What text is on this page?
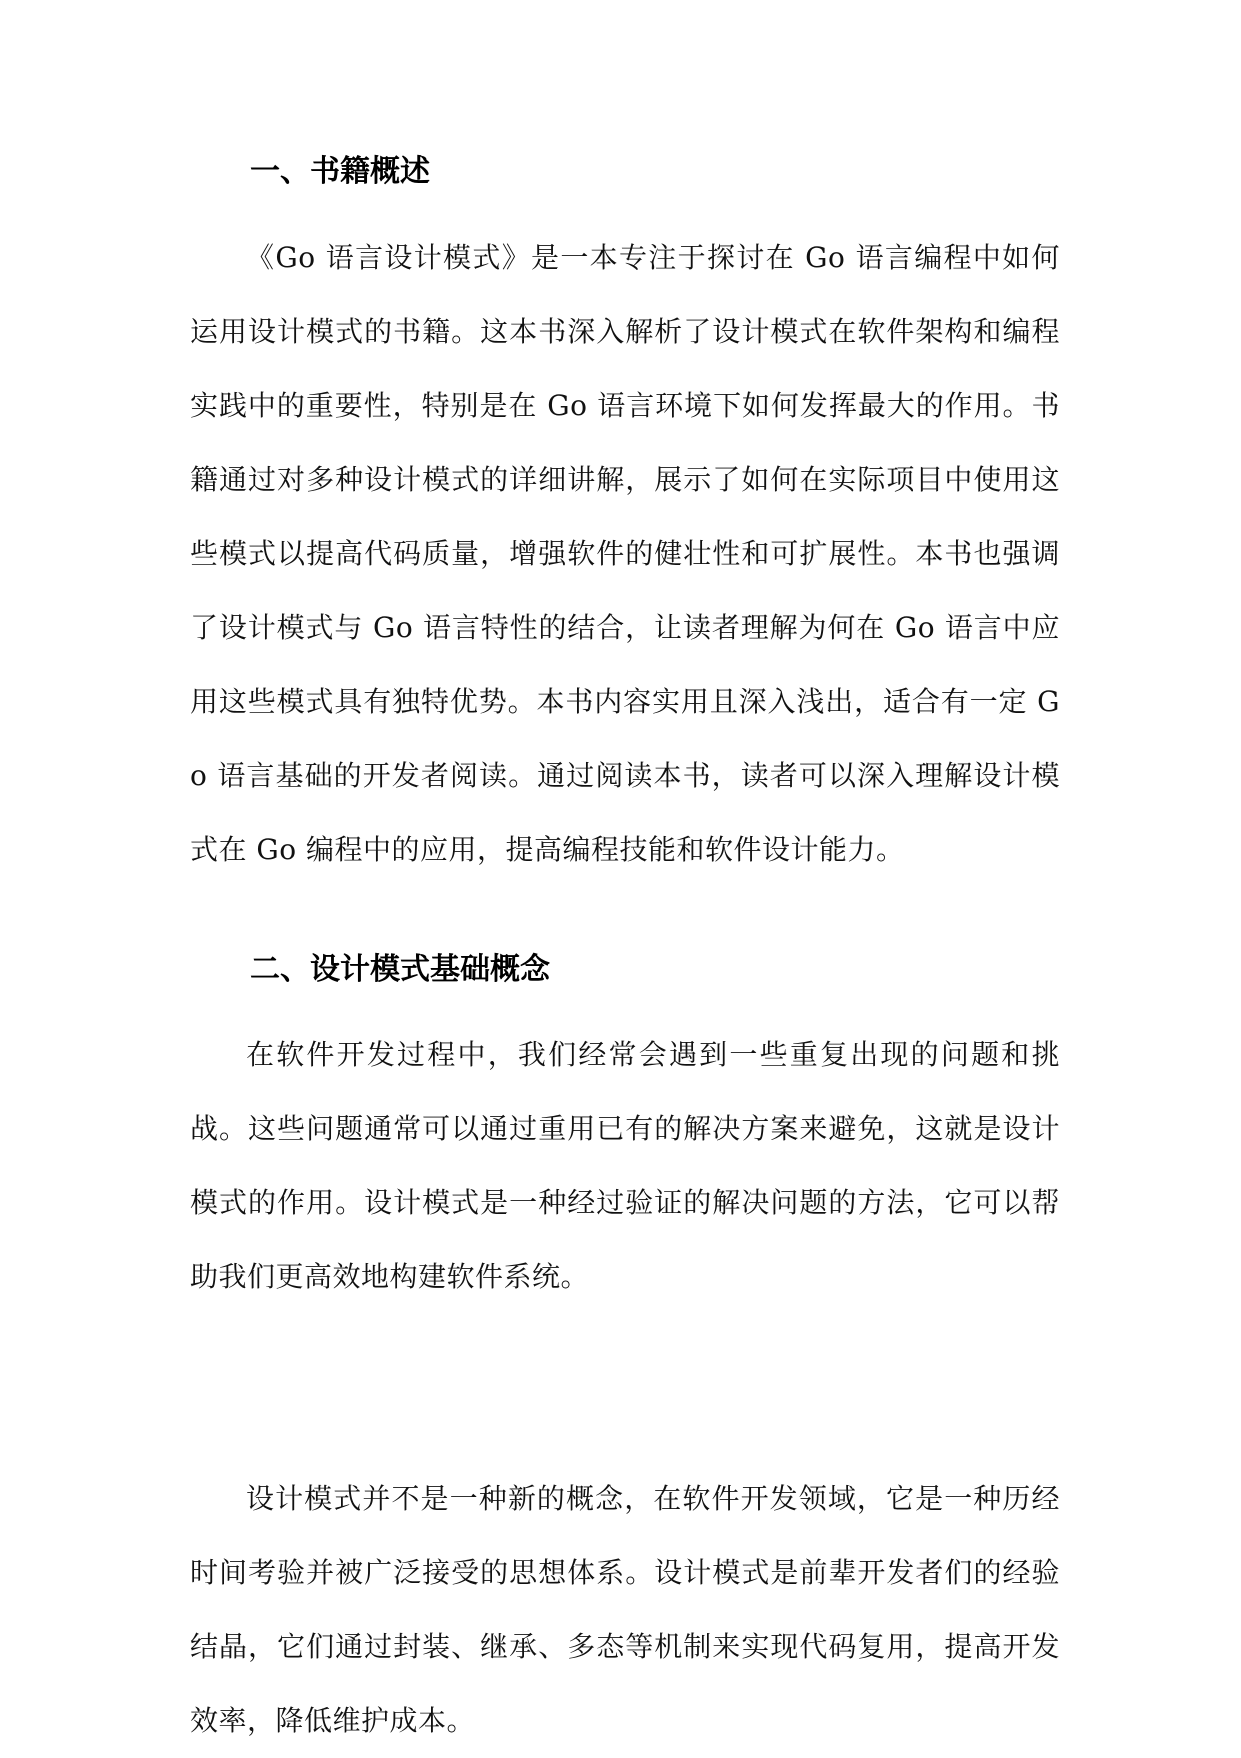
一、书籍概述

《Go 语言设计模式》是一本专注于探讨在 Go 语言编程中如何运用设计模式的书籍。这本书深入解析了设计模式在软件架构和编程实践中的重要性，特别是在 Go 语言环境下如何发挥最大的作用。书籍通过对多种设计模式的详细讲解，展示了如何在实际项目中使用这些模式以提高代码质量，增强软件的健壮性和可扩展性。本书也强调了设计模式与 Go 语言特性的结合，让读者理解为何在 Go 语言中应用这些模式具有独特优势。本书内容实用且深入浅出，适合有一定 Go 语言基础的开发者阅读。通过阅读本书，读者可以深入理解设计模式在 Go 编程中的应用，提高编程技能和软件设计能力。

二、设计模式基础概念

在软件开发过程中，我们经常会遇到一些重复出现的问题和挑战。这些问题通常可以通过重用已有的解决方案来避免，这就是设计模式的作用。设计模式是一种经过验证的解决问题的方法，它可以帮助我们更高效地构建软件系统。

设计模式并不是一种新的概念，在软件开发领域，它是一种历经时间考验并被广泛接受的思想体系。设计模式是前辈开发者们的经验结晶，它们通过封装、继承、多态等机制来实现代码复用，提高开发效率，降低维护成本。
